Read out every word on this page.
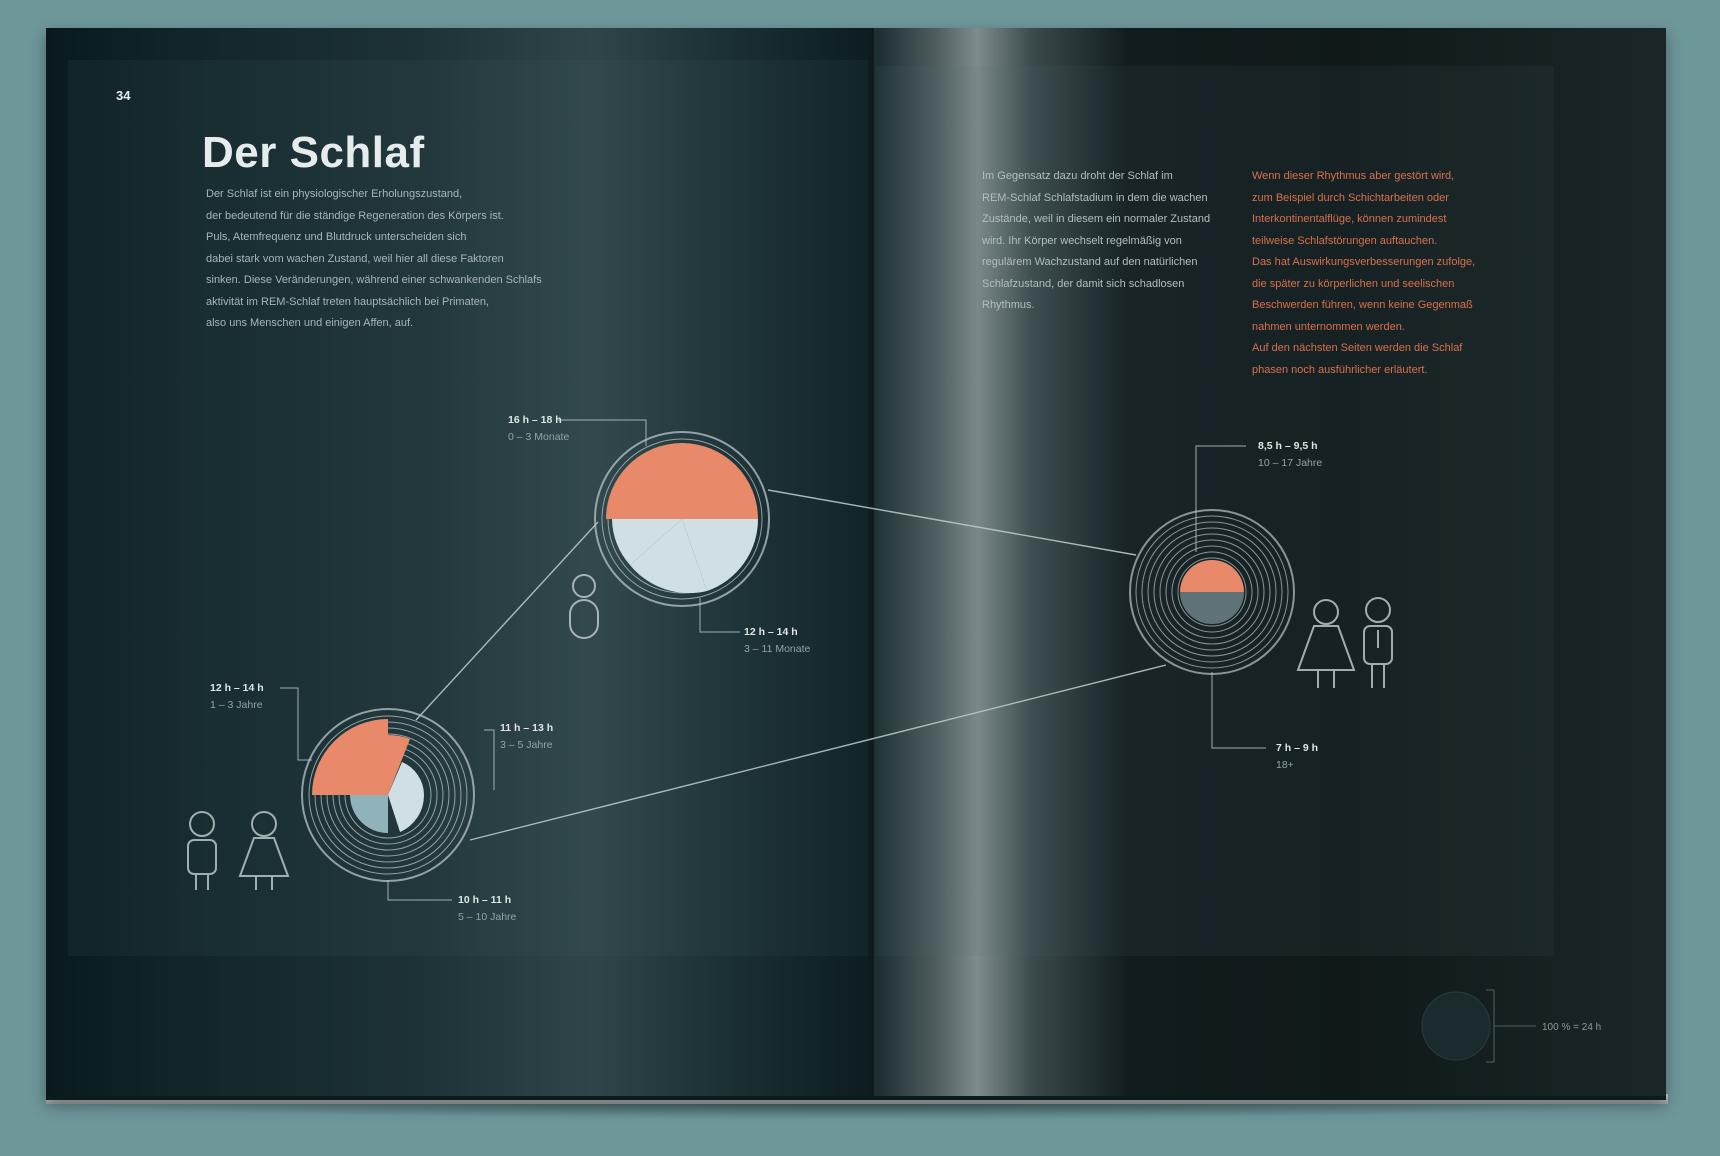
34
Der Schlaf
Der Schlaf ist ein physiologischer Erholungszustand,
der bedeutend für die ständige Regeneration des Körpers ist.
Puls, Atemfrequenz und Blutdruck unterscheiden sich
dabei stark vom wachen Zustand, weil hier all diese Faktoren
sinken. Diese Veränderungen, während einer schwankenden Schlafs
aktivität im REM-Schlaf treten hauptsächlich bei Primaten,
also uns Menschen und einigen Affen, auf.
Im Gegensatz dazu droht der Schlaf im
REM-Schlaf Schlafstadium in dem die wachen
Zustände, weil in diesem ein normaler Zustand
wird. Ihr Körper wechselt regelmäßig von
regulärem Wachzustand auf den natürlichen
Schlafzustand, der damit sich schadlosen
Rhythmus.
Wenn dieser Rhythmus aber gestört wird,
zum Beispiel durch Schichtarbeiten oder
Interkontinentalflüge, können zumindest
teilweise Schlafstörungen auftauchen.
Das hat Auswirkungsverbesserungen zufolge,
die später zu körperlichen und seelischen
Beschwerden führen, wenn keine Gegenmaß
nahmen unternommen werden.
Auf den nächsten Seiten werden die Schlaf
phasen noch ausführlicher erläutert.
16 h – 18 h
0 – 3 Monate
12 h – 14 h
3 – 11 Monate
12 h – 14 h
1 – 3 Jahre
11 h – 13 h
3 – 5 Jahre
10 h – 11 h
5 – 10 Jahre
8,5 h – 9,5 h
10 – 17 Jahre
7 h – 9 h
18+
100 % = 24 h
